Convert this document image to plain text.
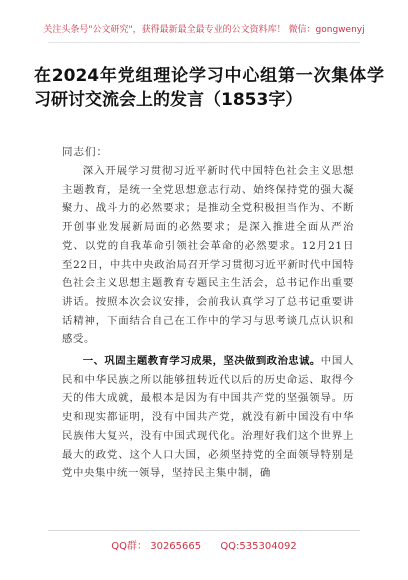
关注头条号"公文研究"，获得最新最全最专业的公文资料库！ 微信：gongwenyj
在2024年党组理论学习中心组第一次集体学习研讨交流会上的发言（1853字）
同志们：

深入开展学习贯彻习近平新时代中国特色社会主义思想主题教育，是统一全党思想意志行动、始终保持党的强大凝聚力、战斗力的必然要求；是推动全党积极担当作为、不断开创事业发展新局面的必然要求；是深入推进全面从严治党、以党的自我革命引领社会革命的必然要求。12月21日至22日，中共中央政治局召开学习贯彻习近平新时代中国特色社会主义思想主题教育专题民主生活会，总书记作出重要讲话。按照本次会议安排，会前我认真学习了总书记重要讲话精神，下面结合自己在工作中的学习与思考谈几点认识和感受。

一、巩固主题教育学习成果，坚决做到政治忠诚。中国人民和中华民族之所以能够扭转近代以后的历史命运、取得今天的伟大成就，最根本是因为有中国共产党的坚强领导。历史和现实都证明，没有中国共产党，就没有新中国没有中华民族伟大复兴，没有中国式现代化。治理好我们这个世界上最大的政党、这个人口大国，必须坚持党的全面领导特别是党中央集中统一领导，坚持民主集中制，确

QQ群： 30265665 QQ:535304092
